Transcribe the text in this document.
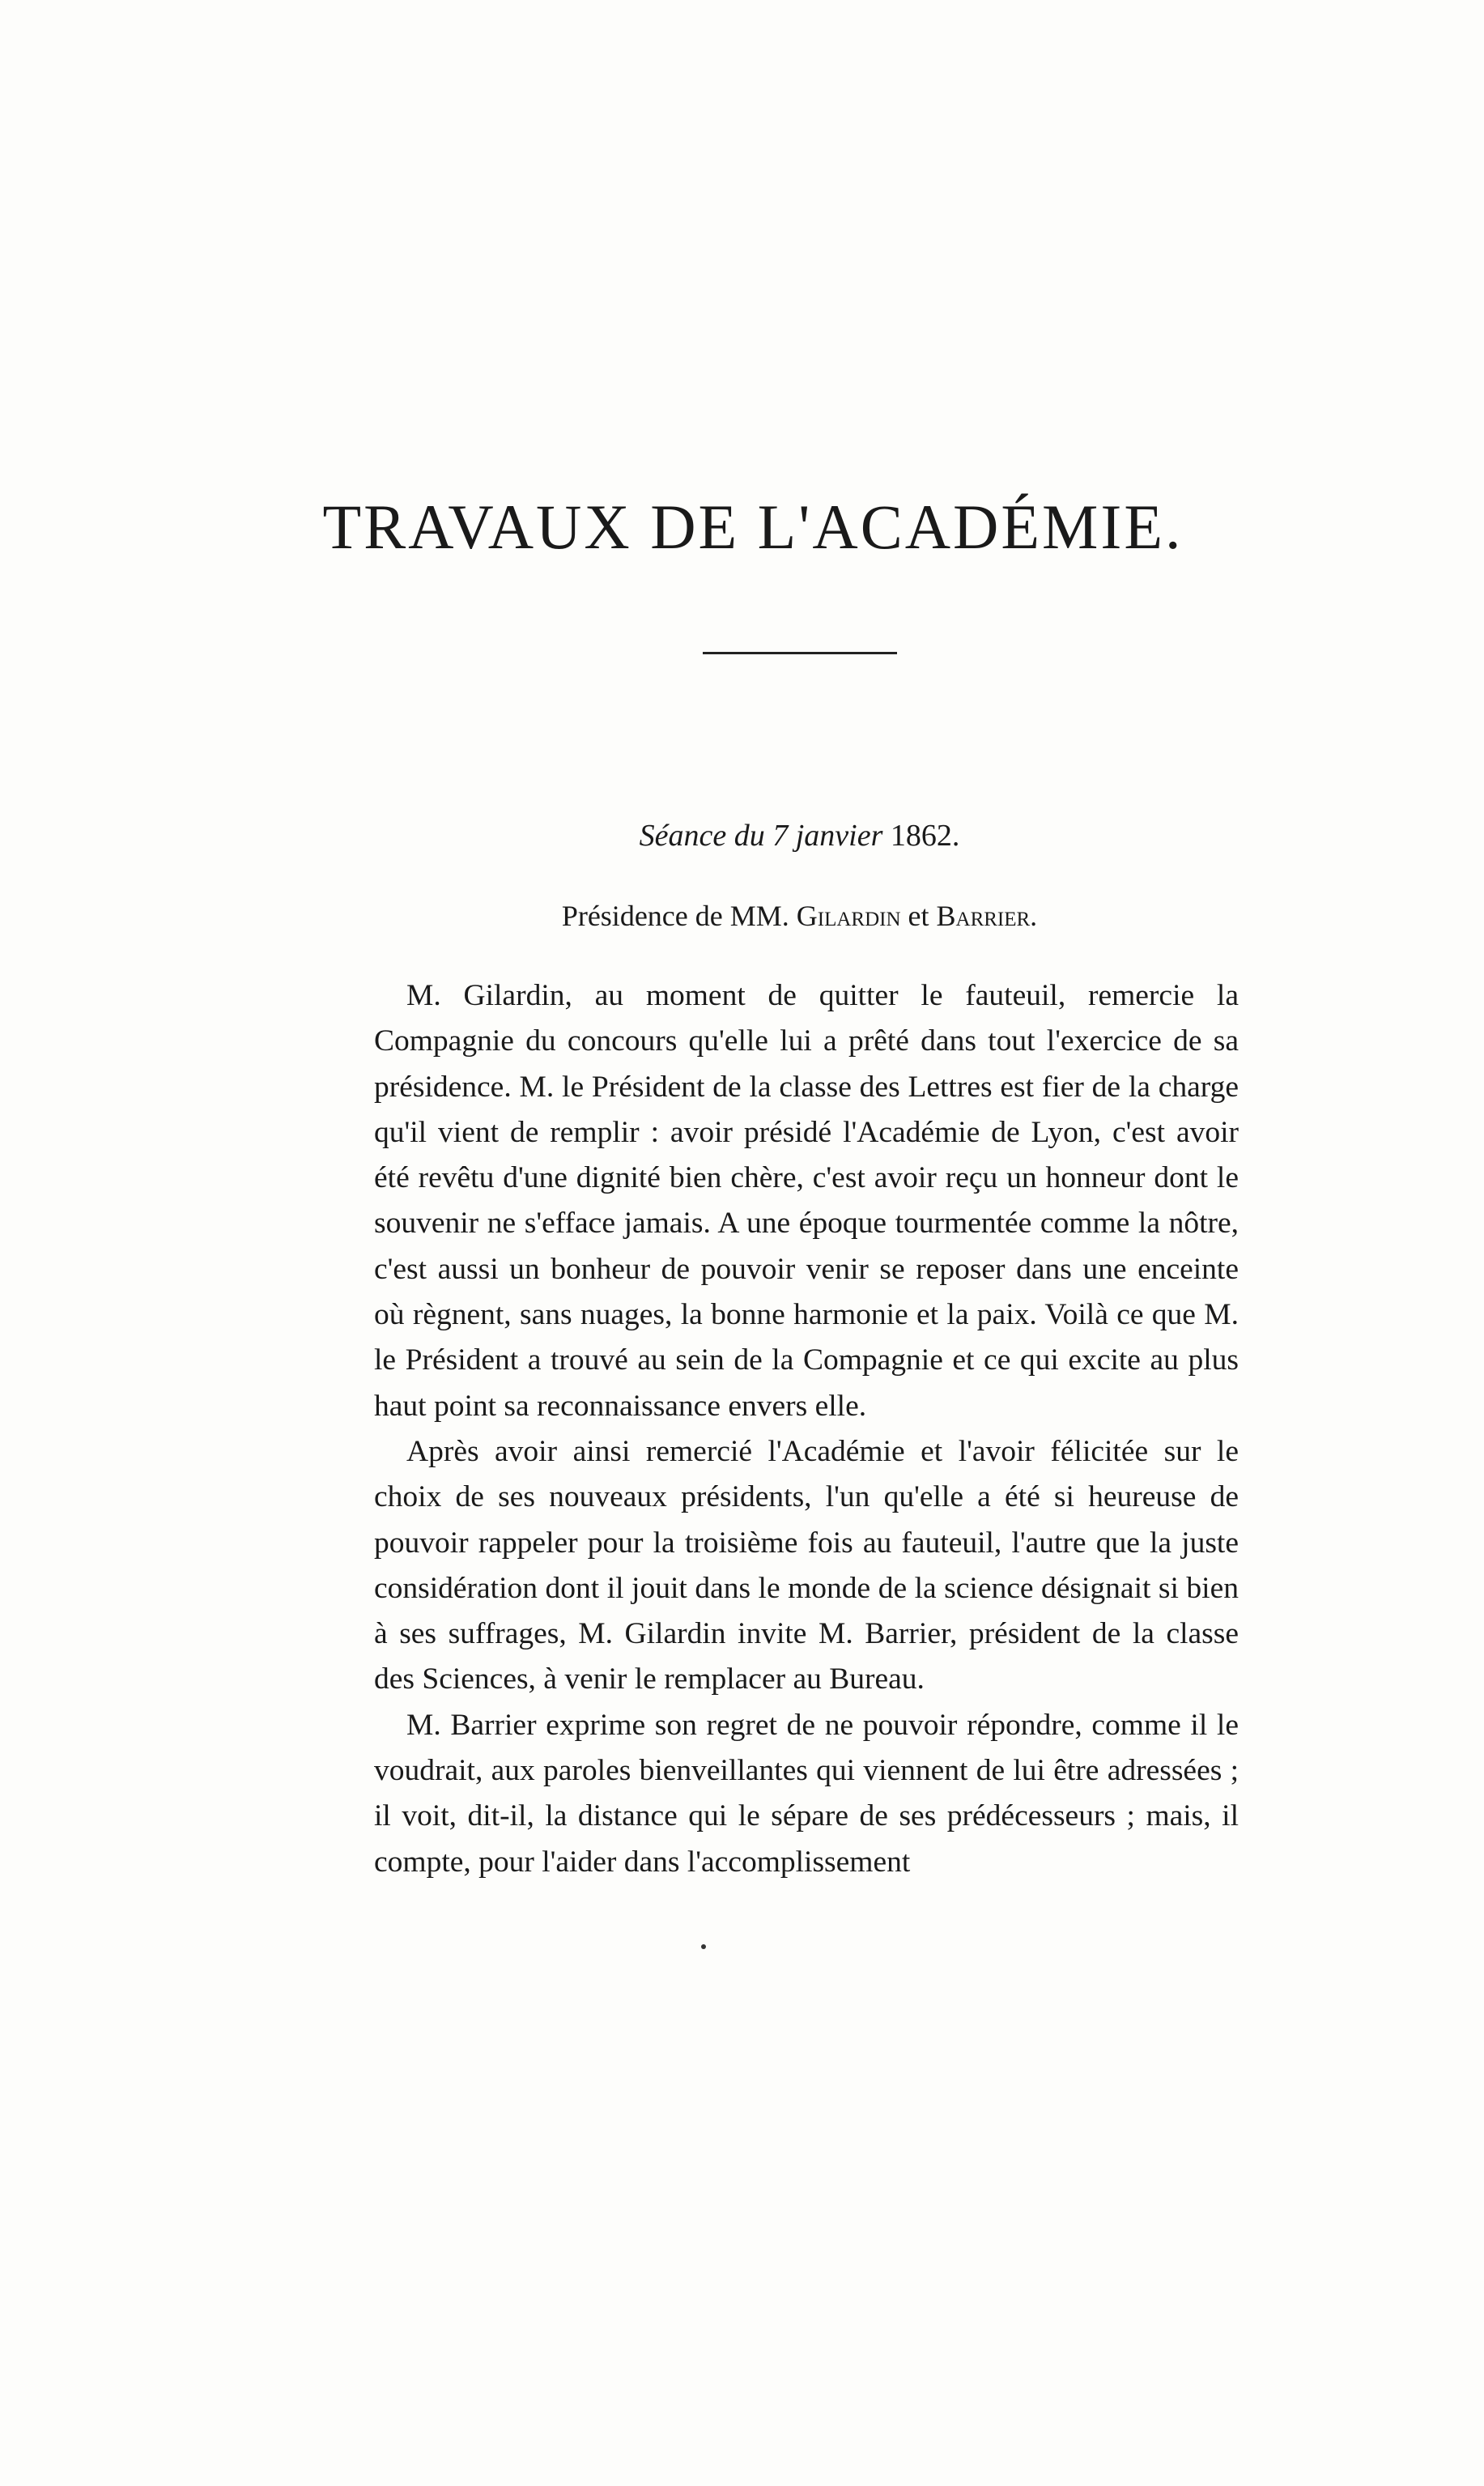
TRAVAUX DE L'ACADÉMIE.
Séance du 7 janvier 1862.
Présidence de MM. Gilardin et Barrier.

M. Gilardin, au moment de quitter le fauteuil, remercie la Compagnie du concours qu'elle lui a prêté dans tout l'exercice de sa présidence. M. le Président de la classe des Lettres est fier de la charge qu'il vient de remplir : avoir présidé l'Académie de Lyon, c'est avoir été revêtu d'une dignité bien chère, c'est avoir reçu un honneur dont le souvenir ne s'efface jamais. A une époque tourmentée comme la nôtre, c'est aussi un bonheur de pouvoir venir se reposer dans une enceinte où règnent, sans nuages, la bonne harmonie et la paix. Voilà ce que M. le Président a trouvé au sein de la Compagnie et ce qui excite au plus haut point sa reconnaissance envers elle.

Après avoir ainsi remercié l'Académie et l'avoir félicitée sur le choix de ses nouveaux présidents, l'un qu'elle a été si heureuse de pouvoir rappeler pour la troisième fois au fauteuil, l'autre que la juste considération dont il jouit dans le monde de la science désignait si bien à ses suffrages, M. Gilardin invite M. Barrier, président de la classe des Sciences, à venir le remplacer au Bureau.

M. Barrier exprime son regret de ne pouvoir répondre, comme il le voudrait, aux paroles bienveillantes qui viennent de lui être adressées ; il voit, dit-il, la distance qui le sépare de ses prédécesseurs ; mais, il compte, pour l'aider dans l'accomplissement
